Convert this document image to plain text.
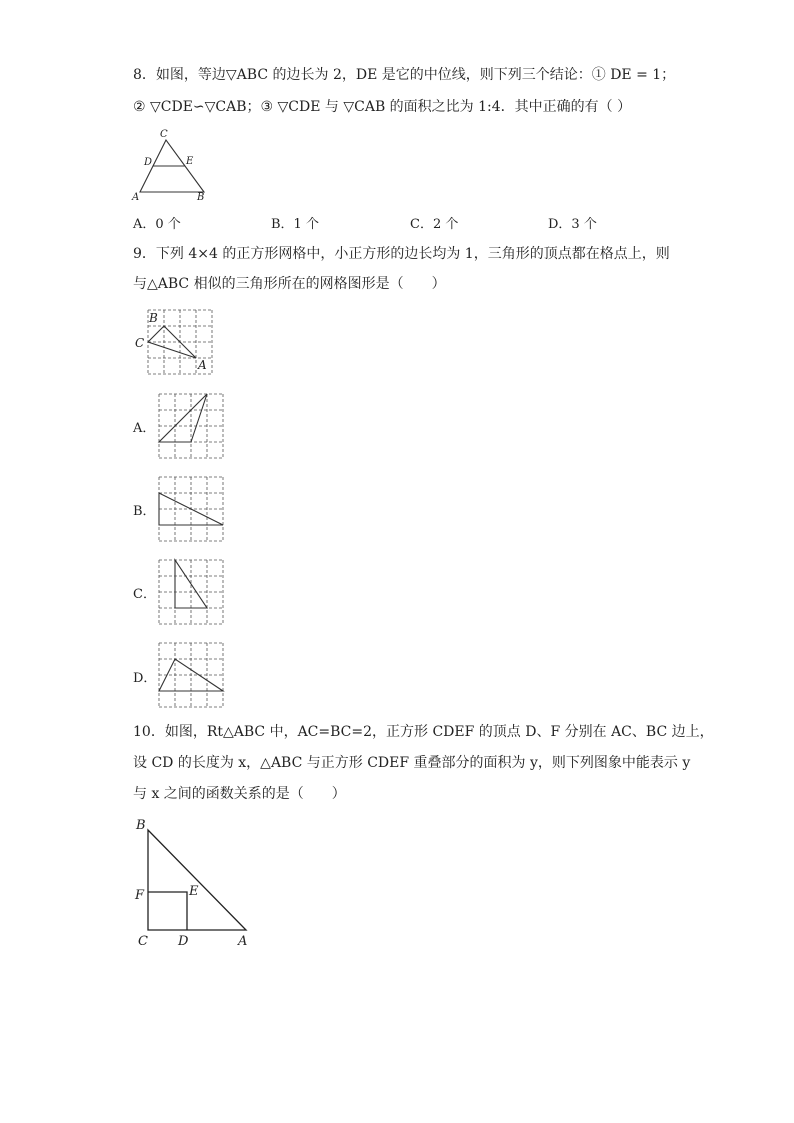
8．如图，等边▽ABC 的边长为 2，DE 是它的中位线，则下列三个结论：① DE = 1；
② ▽CDE∽▽CAB；③ ▽CDE 与 ▽CAB 的面积之比为 1:4．其中正确的有（ ）
C
D	E
A	B
A．0 个	B．1 个	C．2 个	D．3 个
9．下列 4×4 的正方形网格中，小正方形的边长均为 1，三角形的顶点都在格点上，则
与△ABC 相似的三角形所在的网格图形是（　　）
B
C
A
A．
B．
C．
D．
10．如图，Rt△ABC 中，AC=BC=2，正方形 CDEF 的顶点 D、F 分别在 AC、BC 边上，
设 CD 的长度为 x，△ABC 与正方形 CDEF 重叠部分的面积为 y，则下列图象中能表示 y
与 x 之间的函数关系的是（　　）
B
F	E
C D	A
